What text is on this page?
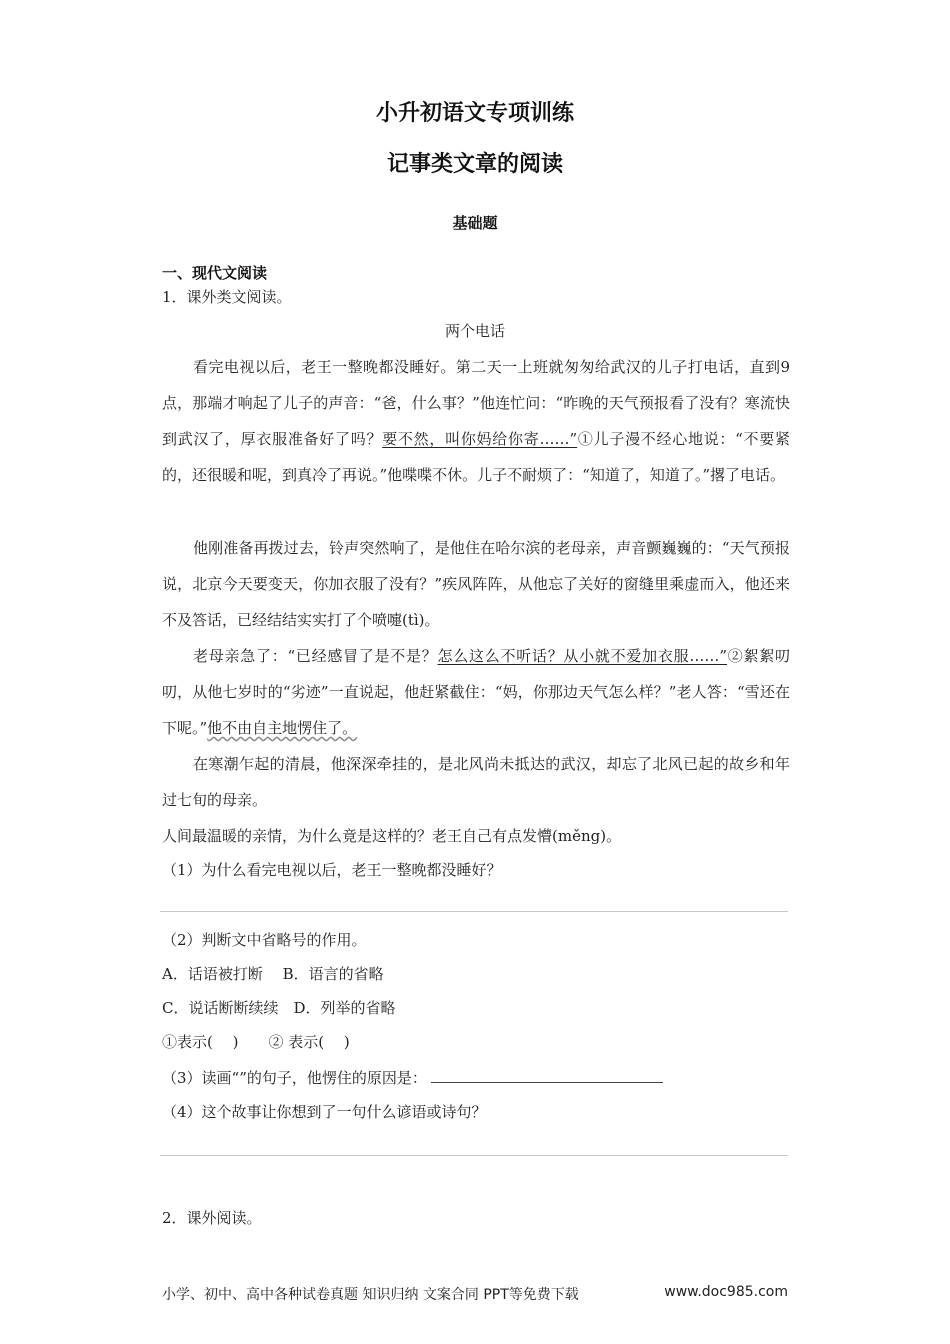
小升初语文专项训练
记事类文章的阅读
基础题
一、现代文阅读
1．课外类文阅读。
两个电话
看完电视以后，老王一整晚都没睡好。第二天一上班就匆匆给武汉的儿子打电话，直到9点，那端才响起了儿子的声音：“爸，什么事？”他连忙问：“昨晚的天气预报看了没有？寒流快到武汉了，厚衣服准备好了吗？要不然，叫你妈给你寄……”①儿子漫不经心地说：“不要紧的，还很暖和呢，到真冷了再说。”他喋喋不休。儿子不耐烦了：“知道了，知道了。”撂了电话。
他刚准备再拨过去，铃声突然响了，是他住在哈尔滨的老母亲，声音颤巍巍的：“天气预报说，北京今天要变天，你加衣服了没有？”疾风阵阵，从他忘了关好的窗缝里乘虚而入，他还来不及答话，已经结结实实打了个喷嚏(tì)。
老母亲急了：“已经感冒了是不是？怎么这么不听话？从小就不爱加衣服……”②絮絮叨叨，从他七岁时的“劣迹”一直说起，他赶紧截住：“妈，你那边天气怎么样？”老人答：“雪还在下呢。”他不由自主地愣住了。
在寒潮乍起的清晨，他深深牵挂的，是北风尚未抵达的武汉，却忘了北风已起的故乡和年过七旬的母亲。
人间最温暖的亲情，为什么竟是这样的？老王自己有点发懵(měng)。
（1）为什么看完电视以后，老王一整晚都没睡好？
（2）判断文中省略号的作用。
A．话语被打断　 B．语言的省略
C．说话断断续续　D．列举的省略
①表示(　 )　　② 表示(　 )
（3）读画“”的句子，他愣住的原因是：
（4）这个故事让你想到了一句什么谚语或诗句？
2．课外阅读。
小学、初中、高中各种试卷真题 知识归纳 文案合同 PPT等免费下载	www.doc985.com
